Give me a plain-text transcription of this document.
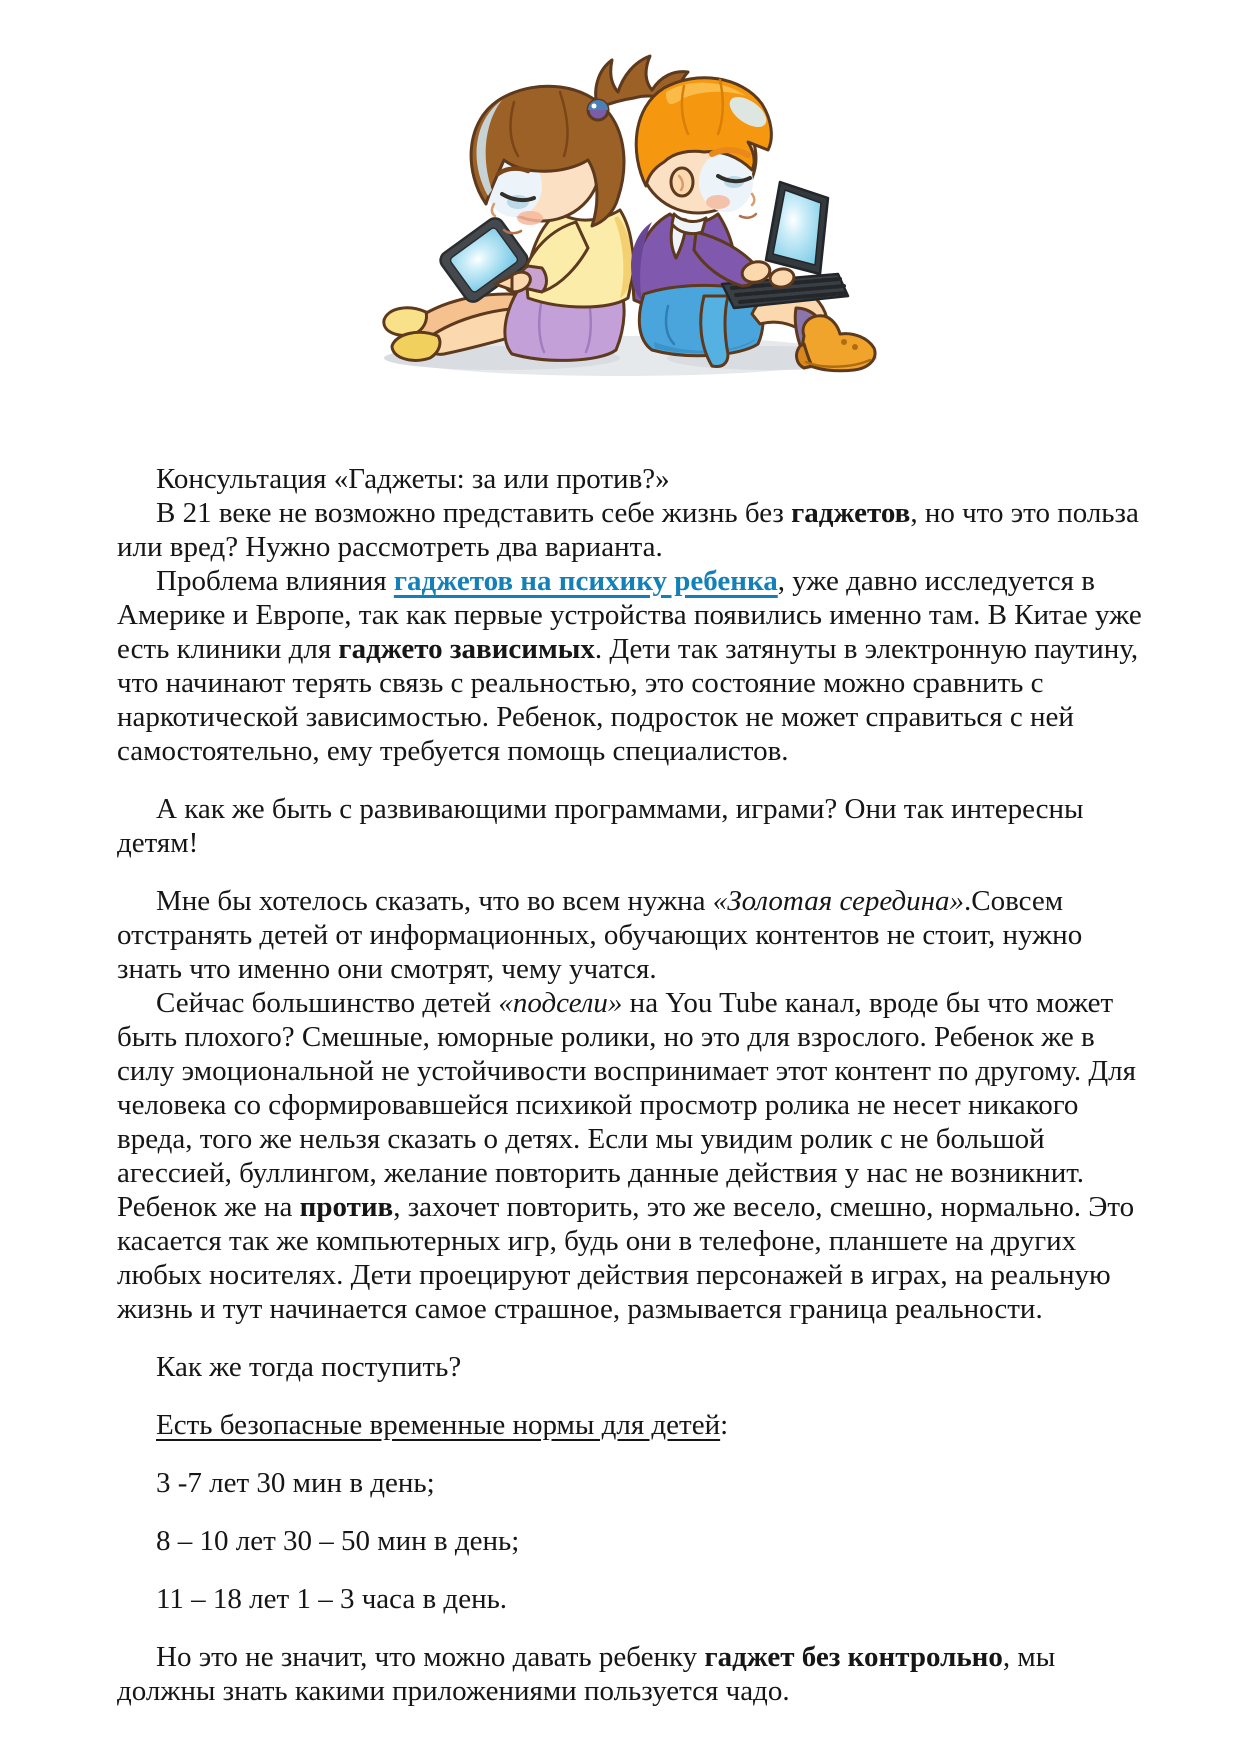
Консультация «Гаджеты: за или против?»

В 21 веке не возможно представить себе жизнь без гаджетов, но что это польза или вред? Нужно рассмотреть два варианта.

Проблема влияния гаджетов на психику ребенка, уже давно исследуется в Америке и Европе, так как первые устройства появились именно там. В Китае уже есть клиники для гаджето зависимых. Дети так затянуты в электронную паутину, что начинают терять связь с реальностью, это состояние можно сравнить с наркотической зависимостью. Ребенок, подросток не может справиться с ней самостоятельно, ему требуется помощь специалистов.

А как же быть с развивающими программами, играми? Они так интересны детям!

Мне бы хотелось сказать, что во всем нужна «Золотая середина».Совсем отстранять детей от информационных, обучающих контентов не стоит, нужно знать что именно они смотрят, чему учатся.

Сейчас большинство детей «подсели» на You Tube канал, вроде бы что может быть плохого? Смешные, юморные ролики, но это для взрослого. Ребенок же в силу эмоциональной не устойчивости воспринимает этот контент по другому. Для человека со сформировавшейся психикой просмотр ролика не несет никакого вреда, того же нельзя сказать о детях. Если мы увидим ролик с не большой агессией, буллингом, желание повторить данные действия у нас не возникнит. Ребенок же на против, захочет повторить, это же весело, смешно, нормально. Это касается так же компьютерных игр, будь они в телефоне, планшете на других любых носителях. Дети проецируют действия персонажей в играх, на реальную жизнь и тут начинается самое страшное, размывается граница реальности.

Как же тогда поступить?

Есть безопасные временные нормы для детей:

3 -7 лет 30 мин в день;

8 – 10 лет 30 – 50 мин в день;

11 – 18 лет 1 – 3 часа в день.

Но это не значит, что можно давать ребенку гаджет без контрольно, мы должны знать какими приложениями пользуется чадо.
